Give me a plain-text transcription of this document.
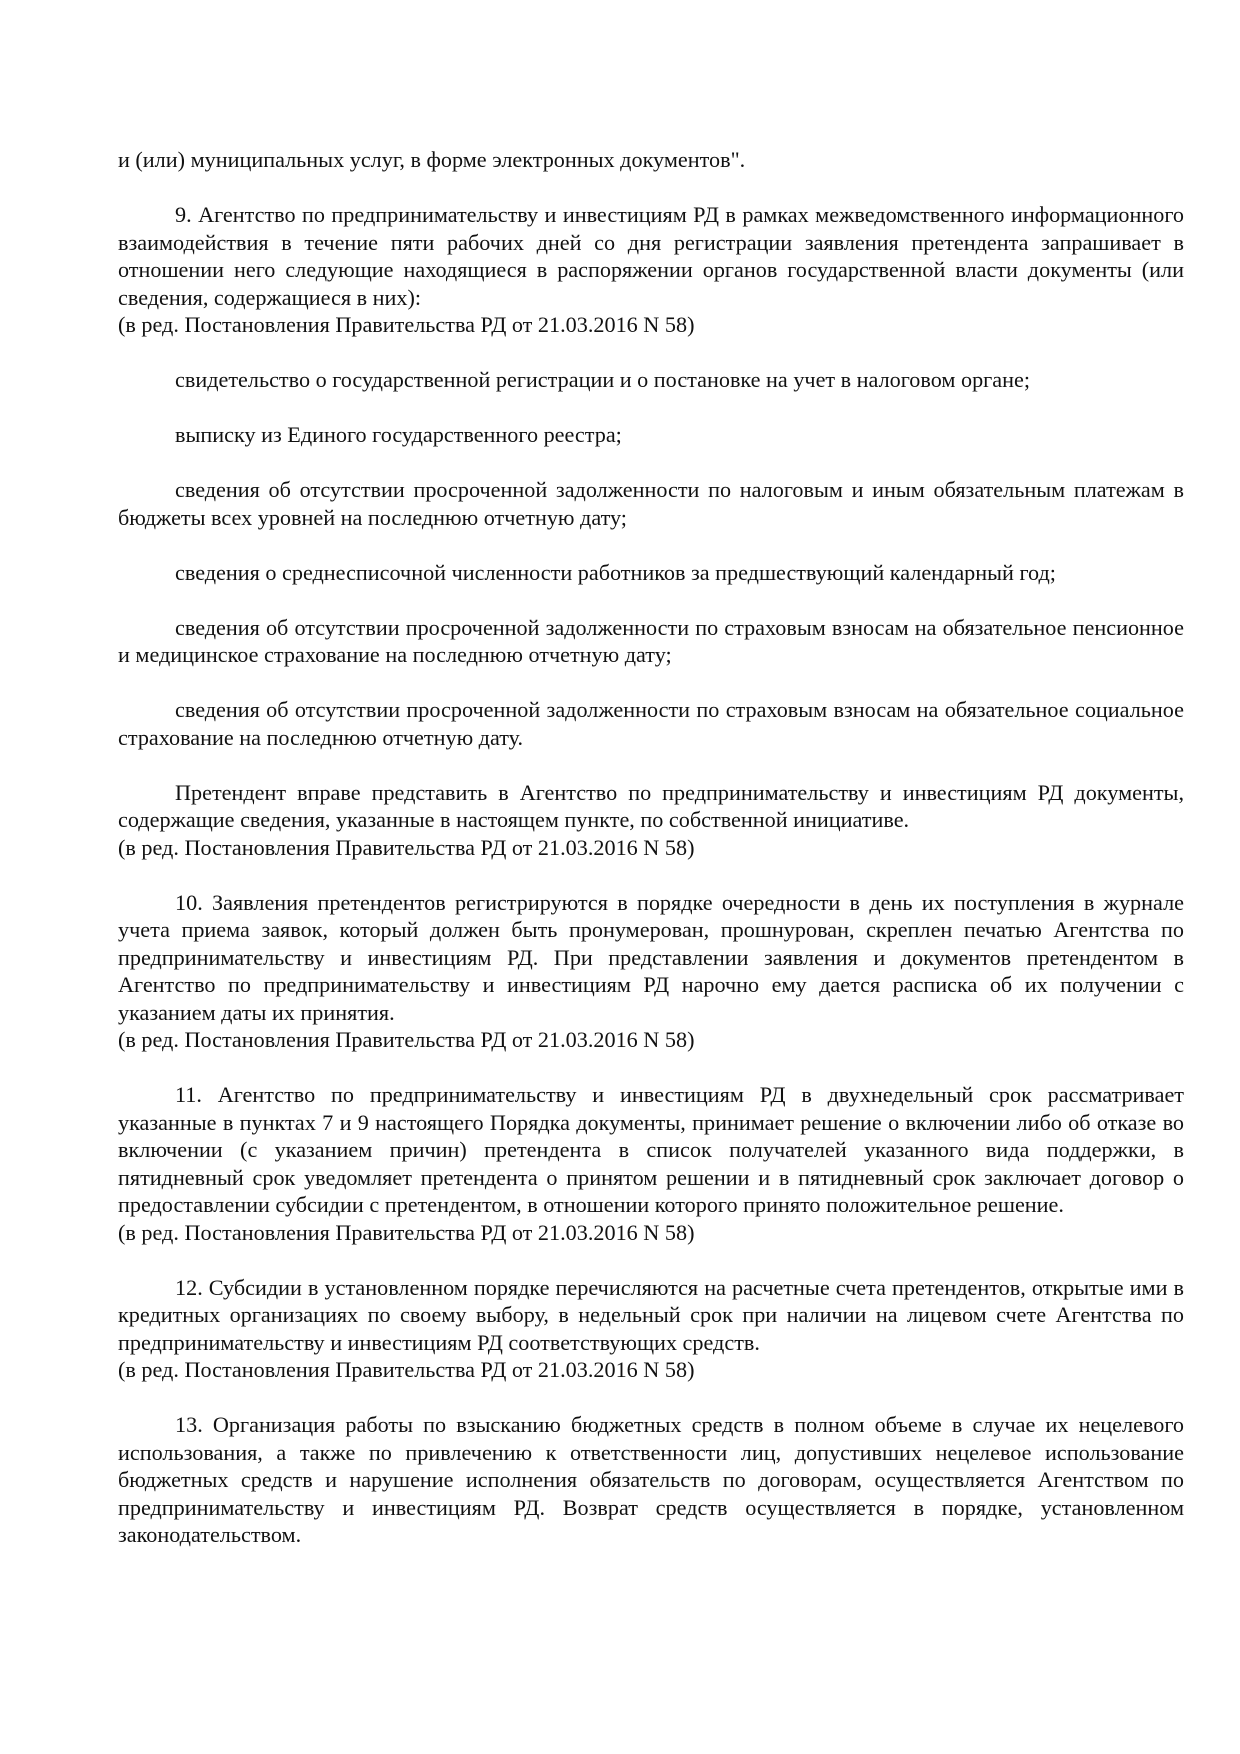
и (или) муниципальных услуг, в форме электронных документов".

9. Агентство по предпринимательству и инвестициям РД в рамках межведомственного информационного взаимодействия в течение пяти рабочих дней со дня регистрации заявления претендента запрашивает в отношении него следующие находящиеся в распоряжении органов государственной власти документы (или сведения, содержащиеся в них):

(в ред. Постановления Правительства РД от 21.03.2016 N 58)

свидетельство о государственной регистрации и о постановке на учет в налоговом органе;

выписку из Единого государственного реестра;

сведения об отсутствии просроченной задолженности по налоговым и иным обязательным платежам в бюджеты всех уровней на последнюю отчетную дату;

сведения о среднесписочной численности работников за предшествующий календарный год;

сведения об отсутствии просроченной задолженности по страховым взносам на обязательное пенсионное и медицинское страхование на последнюю отчетную дату;

сведения об отсутствии просроченной задолженности по страховым взносам на обязательное социальное страхование на последнюю отчетную дату.

Претендент вправе представить в Агентство по предпринимательству и инвестициям РД документы, содержащие сведения, указанные в настоящем пункте, по собственной инициативе.

(в ред. Постановления Правительства РД от 21.03.2016 N 58)

10. Заявления претендентов регистрируются в порядке очередности в день их поступления в журнале учета приема заявок, который должен быть пронумерован, прошнурован, скреплен печатью Агентства по предпринимательству и инвестициям РД. При представлении заявления и документов претендентом в Агентство по предпринимательству и инвестициям РД нарочно ему дается расписка об их получении с указанием даты их принятия.

(в ред. Постановления Правительства РД от 21.03.2016 N 58)

11. Агентство по предпринимательству и инвестициям РД в двухнедельный срок рассматривает указанные в пунктах 7 и 9 настоящего Порядка документы, принимает решение о включении либо об отказе во включении (с указанием причин) претендента в список получателей указанного вида поддержки, в пятидневный срок уведомляет претендента о принятом решении и в пятидневный срок заключает договор о предоставлении субсидии с претендентом, в отношении которого принято положительное решение.

(в ред. Постановления Правительства РД от 21.03.2016 N 58)

12. Субсидии в установленном порядке перечисляются на расчетные счета претендентов, открытые ими в кредитных организациях по своему выбору, в недельный срок при наличии на лицевом счете Агентства по предпринимательству и инвестициям РД соответствующих средств.

(в ред. Постановления Правительства РД от 21.03.2016 N 58)

13. Организация работы по взысканию бюджетных средств в полном объеме в случае их нецелевого использования, а также по привлечению к ответственности лиц, допустивших нецелевое использование бюджетных средств и нарушение исполнения обязательств по договорам, осуществляется Агентством по предпринимательству и инвестициям РД. Возврат средств осуществляется в порядке, установленном законодательством.
